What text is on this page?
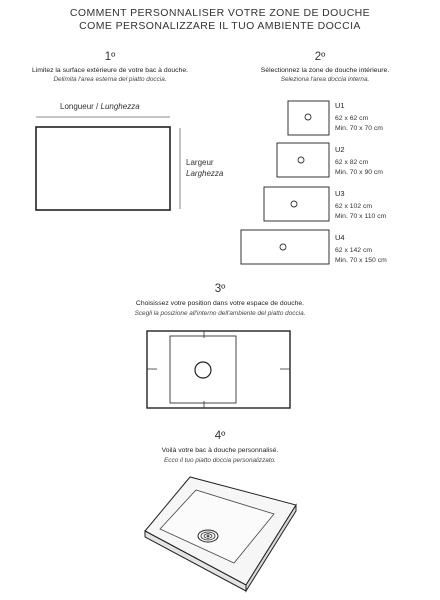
COMMENT PERSONNALISER VOTRE ZONE DE DOUCHE
COME PERSONALIZZARE IL TUO AMBIENTE DOCCIA
1º
Limitez la surface extérieure de votre bac à douche.
Delimita l'area esterna del piatto doccia.
Longueur / Lunghezza
Largeur
Larghezza
2º
Sélectionnez la zone de douche intérieure.
Seleziona l'area doccia interna.
U1
62 x 62 cm
Min. 70 x 70 cm
U2
62 x 82 cm
Min. 70 x 90 cm
U3
62 x 102 cm
Min. 70 x 110 cm
U4
62 x 142 cm
Min. 70 x 150 cm
3º
Choisissez votre position dans votre espace de douche.
Scegli la posizione all'interno dell'ambiente del piatto doccia.
4º
Voilà votre bac à douche personnalisé.
Ecco il tuo piatto doccia personalizzato.
